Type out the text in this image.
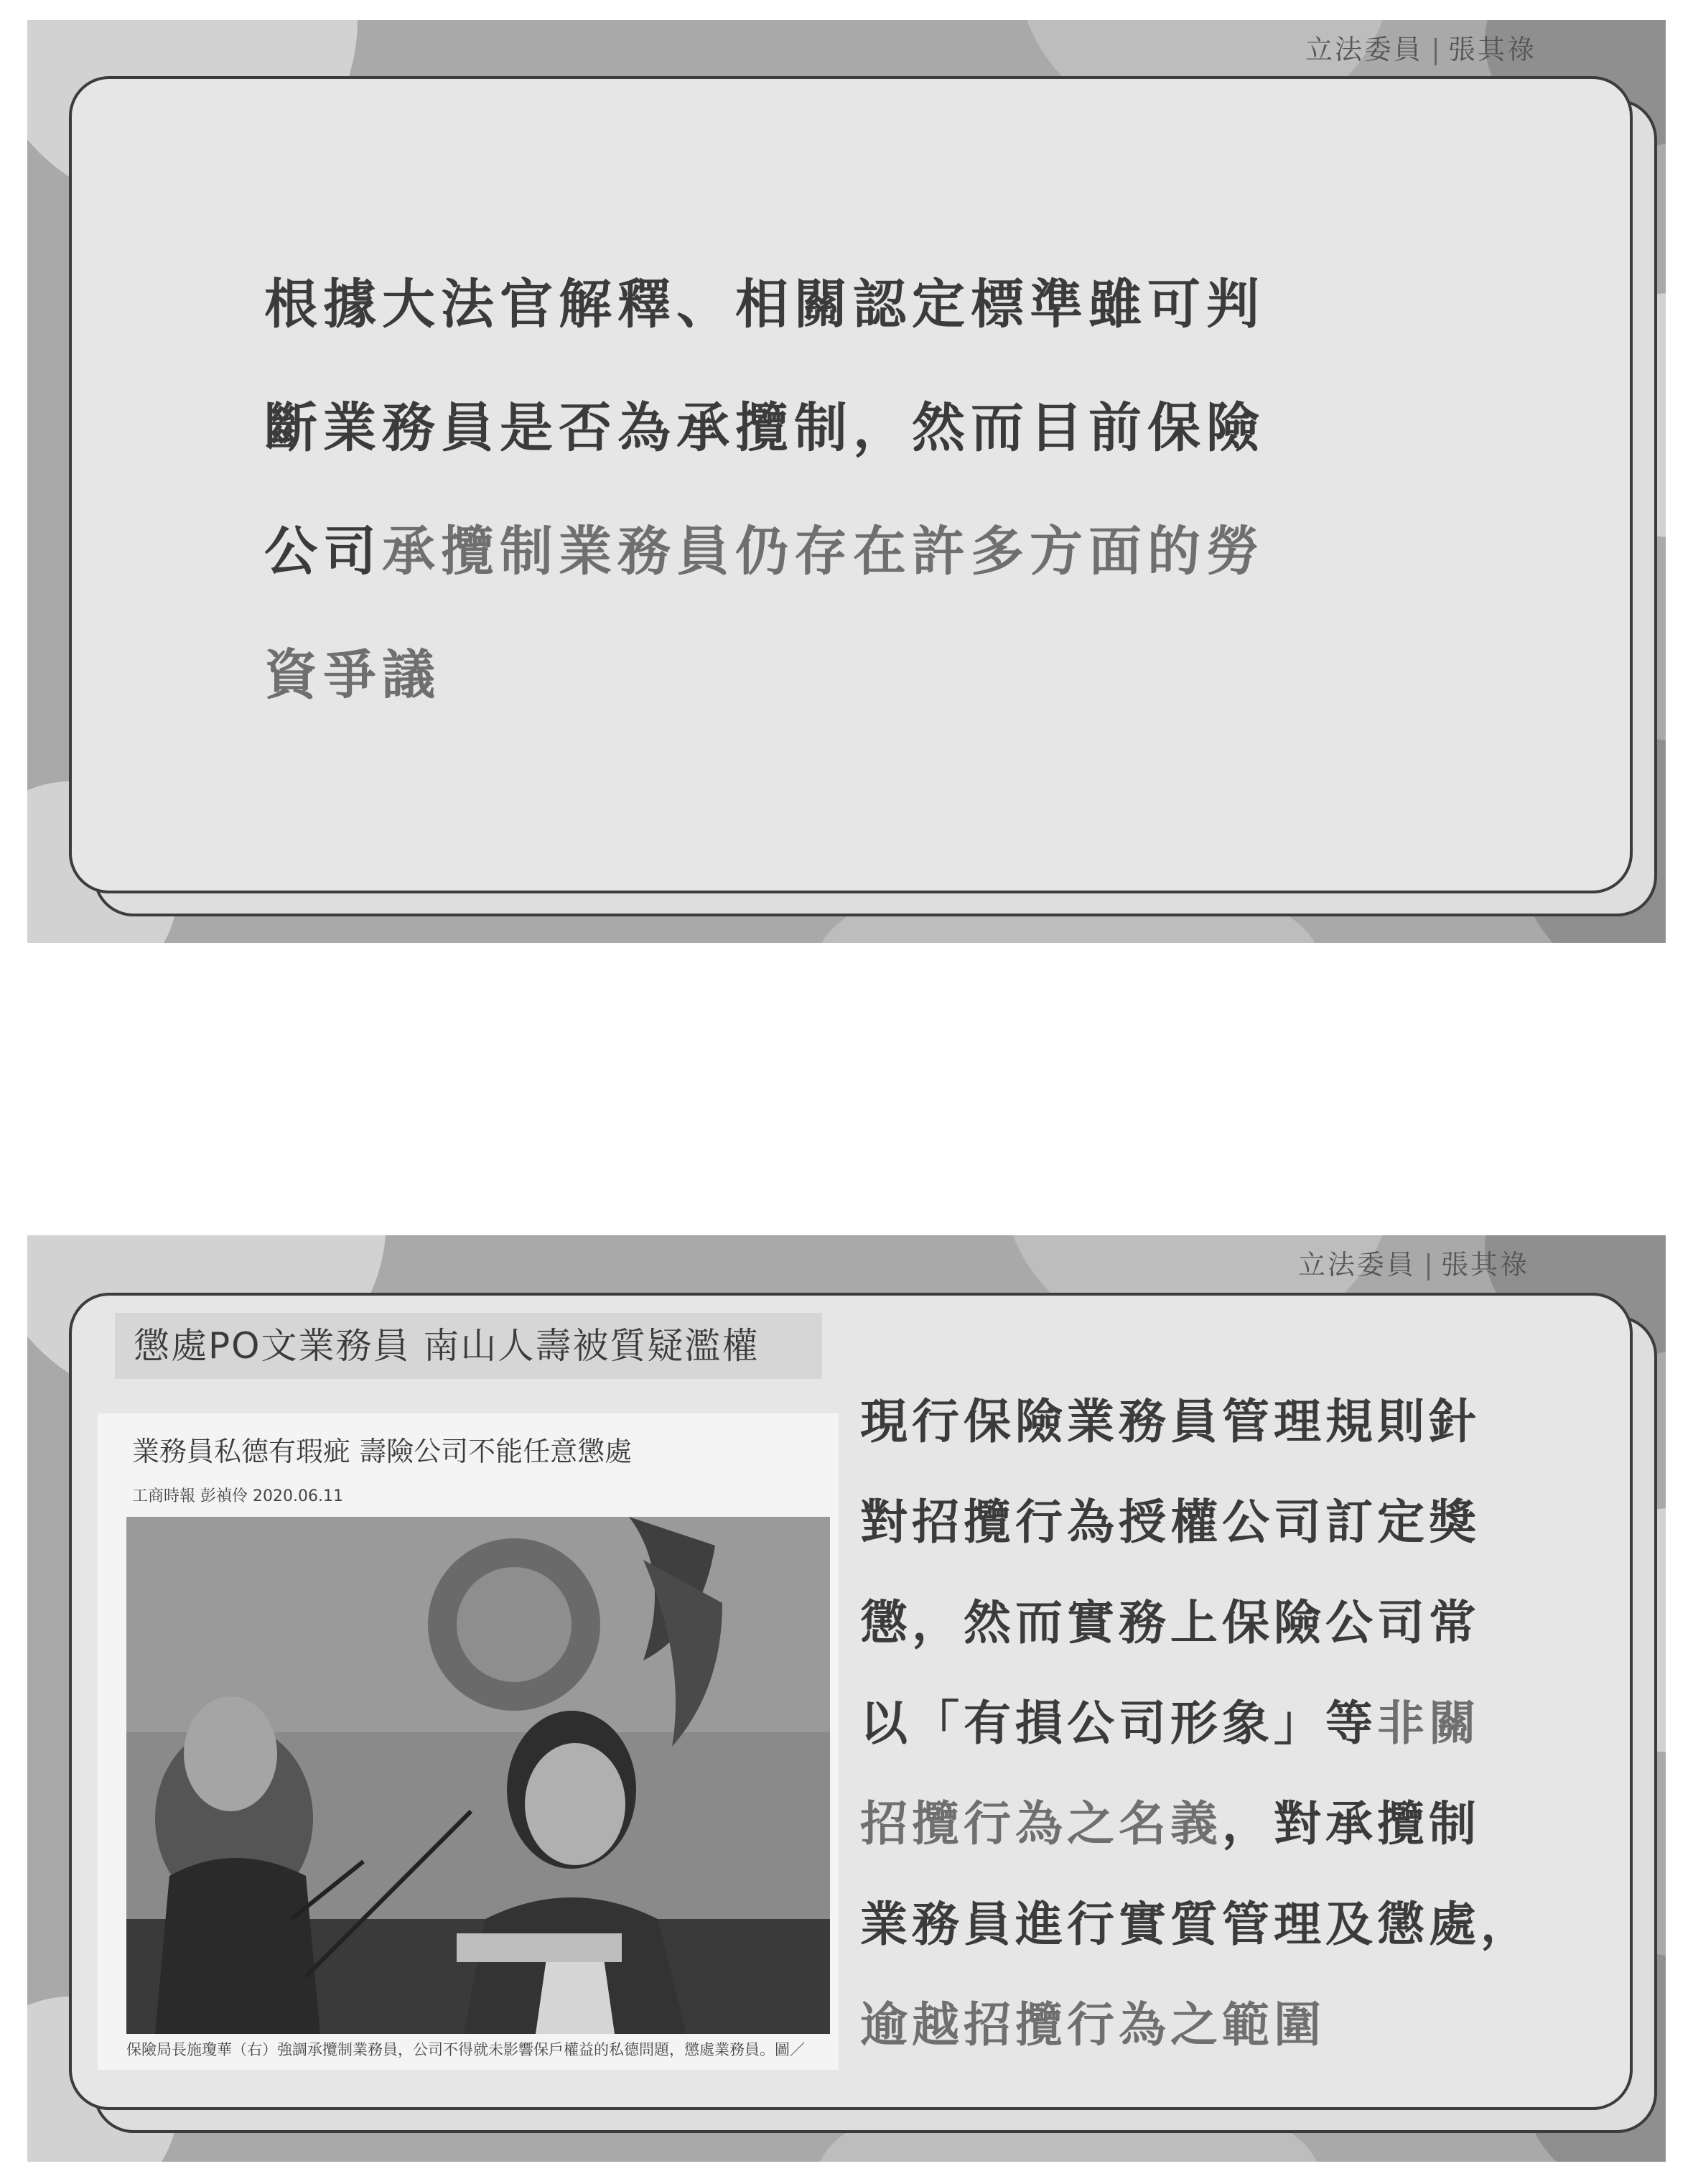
立法委員 張其祿
根據大法官解釋、相關認定標準雖可判
斷業務員是否為承攬制，然而目前保險
公司承攬制業務員仍存在許多方面的勞
資爭議
立法委員 張其祿
懲處PO文業務員 南山人壽被質疑濫權
業務員私德有瑕疵 壽險公司不能任意懲處
工商時報 彭禎伶 2020.06.11
保險局長施瓊華（右）強調承攬制業務員，公司不得就未影響保戶權益的私德問題，懲處業務員。圖／
現行保險業務員管理規則針
對招攬行為授權公司訂定獎
懲，然而實務上保險公司常
以「有損公司形象」等非關
招攬行為之名義，對承攬制
業務員進行實質管理及懲處，
逾越招攬行為之範圍
